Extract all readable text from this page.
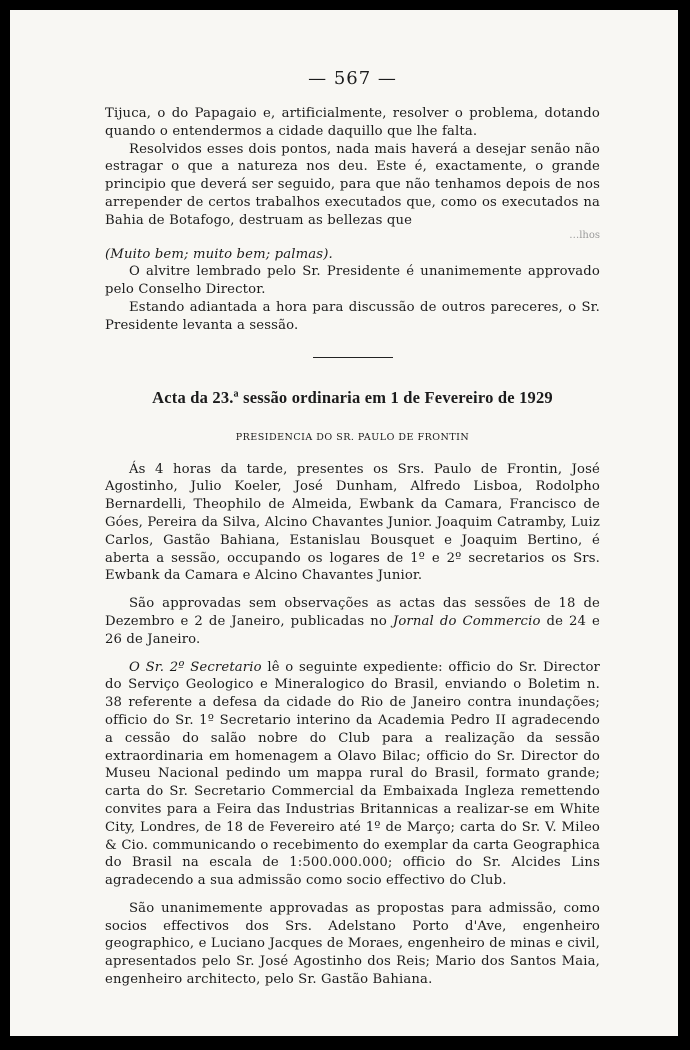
— 567 —

Tijuca, o do Papagaio e, artificialmente, resolver o problema, dotando quando o entendermos a cidade daquillo que lhe falta.

Resolvidos esses dois pontos, nada mais haverá a desejar senão não estragar o que a natureza nos deu. Este é, exactamente, o grande principio que deverá ser seguido, para que não tenhamos depois de nos arrepender de certos trabalhos executados que, como os executados na Bahia de Botafogo, destruam as bellezas que

…lhos

(Muito bem; muito bem; palmas).

O alvitre lembrado pelo Sr. Presidente é unanimemente approvado pelo Conselho Director.

Estando adiantada a hora para discussão de outros pareceres, o Sr. Presidente levanta a sessão.

Acta da 23.ª sessão ordinaria em 1 de Fevereiro de 1929
PRESIDENCIA DO SR. PAULO DE FRONTIN

Ás 4 horas da tarde, presentes os Srs. Paulo de Frontin, José Agostinho, Julio Koeler, José Dunham, Alfredo Lisboa, Rodolpho Bernardelli, Theophilo de Almeida, Ewbank da Camara, Francisco de Góes, Pereira da Silva, Alcino Chavantes Junior. Joaquim Catramby, Luiz Carlos, Gastão Bahiana, Estanislau Bousquet e Joaquim Bertino, é aberta a sessão, occupando os logares de 1º e 2º secretarios os Srs. Ewbank da Camara e Alcino Chavantes Junior.

São approvadas sem observações as actas das sessões de 18 de Dezembro e 2 de Janeiro, publicadas no Jornal do Commercio de 24 e 26 de Janeiro.

O Sr. 2º Secretario lê o seguinte expediente: officio do Sr. Director do Serviço Geologico e Mineralogico do Brasil, enviando o Boletim n. 38 referente a defesa da cidade do Rio de Janeiro contra inundações; officio do Sr. 1º Secretario interino da Academia Pedro II agradecendo a cessão do salão nobre do Club para a realização da sessão extraordinaria em homenagem a Olavo Bilac; officio do Sr. Director do Museu Nacional pedindo um mappa rural do Brasil, formato grande; carta do Sr. Secretario Commercial da Embaixada Ingleza remettendo convites para a Feira das Industrias Britannicas a realizar-se em White City, Londres, de 18 de Fevereiro até 1º de Março; carta do Sr. V. Mileo & Cio. communicando o recebimento do exemplar da carta Geographica do Brasil na escala de 1:500.000.000; officio do Sr. Alcides Lins agradecendo a sua admissão como socio effectivo do Club.

São unanimemente approvadas as propostas para admissão, como socios effectivos dos Srs. Adelstano Porto d'Ave, engenheiro geographico, e Luciano Jacques de Moraes, engenheiro de minas e civil, apresentados pelo Sr. José Agostinho dos Reis; Mario dos Santos Maia, engenheiro architecto, pelo Sr. Gastão Bahiana.
